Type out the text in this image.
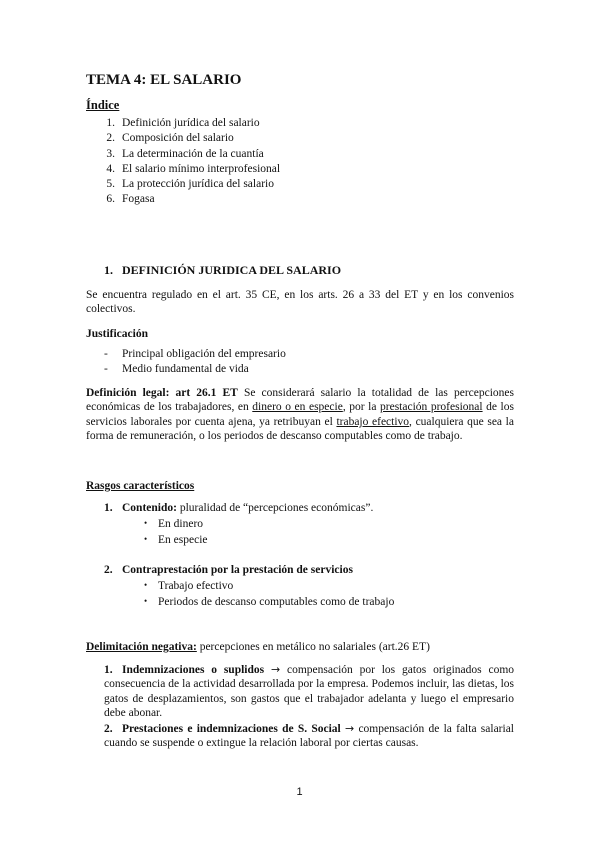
TEMA 4: EL SALARIO
Índice
1. Definición jurídica del salario
2. Composición del salario
3. La determinación de la cuantía
4. El salario mínimo interprofesional
5. La protección jurídica del salario
6. Fogasa
1. DEFINICIÓN JURIDICA DEL SALARIO
Se encuentra regulado en el art. 35 CE, en los arts. 26 a 33 del ET y en los convenios colectivos.
Justificación
- Principal obligación del empresario
- Medio fundamental de vida
Definición legal: art 26.1 ET Se considerará salario la totalidad de las percepciones económicas de los trabajadores, en dinero o en especie, por la prestación profesional de los servicios laborales por cuenta ajena, ya retribuyan el trabajo efectivo, cualquiera que sea la forma de remuneración, o los periodos de descanso computables como de trabajo.
Rasgos característicos
1. Contenido: pluralidad de “percepciones económicas”.
• En dinero
• En especie
2. Contraprestación por la prestación de servicios
• Trabajo efectivo
• Periodos de descanso computables como de trabajo
Delimitación negativa: percepciones en metálico no salariales (art.26 ET)
1. Indemnizaciones o suplidos → compensación por los gatos originados como consecuencia de la actividad desarrollada por la empresa. Podemos incluir, las dietas, los gatos de desplazamientos, son gastos que el trabajador adelanta y luego el empresario debe abonar.
2. Prestaciones e indemnizaciones de S. Social → compensación de la falta salarial cuando se suspende o extingue la relación laboral por ciertas causas.
1
